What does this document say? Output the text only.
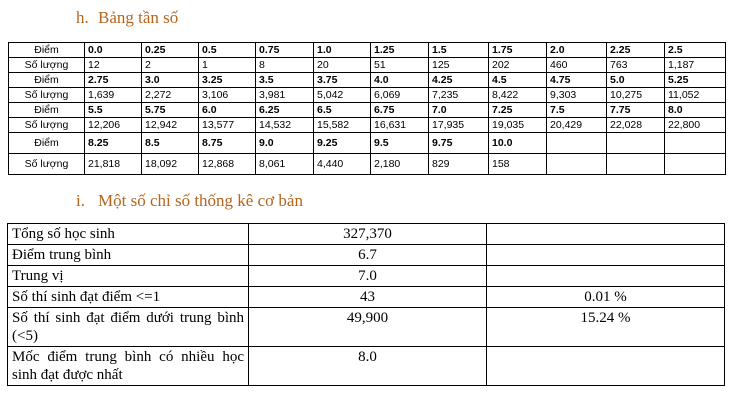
h. Bảng tần số
Điểm	0.0	0.25	0.5	0.75	1.0	1.25	1.5	1.75	2.0	2.25	2.5
Số lượng	12	2	1	8	20	51	125	202	460	763	1,187
Điểm	2.75	3.0	3.25	3.5	3.75	4.0	4.25	4.5	4.75	5.0	5.25
Số lượng	1,639	2,272	3,106	3,981	5,042	6,069	7,235	8,422	9,303	10,275	11,052
Điểm	5.5	5.75	6.0	6.25	6.5	6.75	7.0	7.25	7.5	7.75	8.0
Số lượng	12,206	12,942	13,577	14,532	15,582	16,631	17,935	19,035	20,429	22,028	22,800
Điểm	8.25	8.5	8.75	9.0	9.25	9.5	9.75	10.0			
Số lượng	21,818	18,092	12,868	8,061	4,440	2,180	829	158			
i. Một số chỉ số thống kê cơ bản
Tổng số học sinh	327,370	
Điểm trung bình	6.7	
Trung vị	7.0	
Số thí sinh đạt điểm <=1	43	0.01 %
Số thí sinh đạt điểm dưới trung bình (<5)	49,900	15.24 %
Mốc điểm trung bình có nhiều học sinh đạt được nhất	8.0	
